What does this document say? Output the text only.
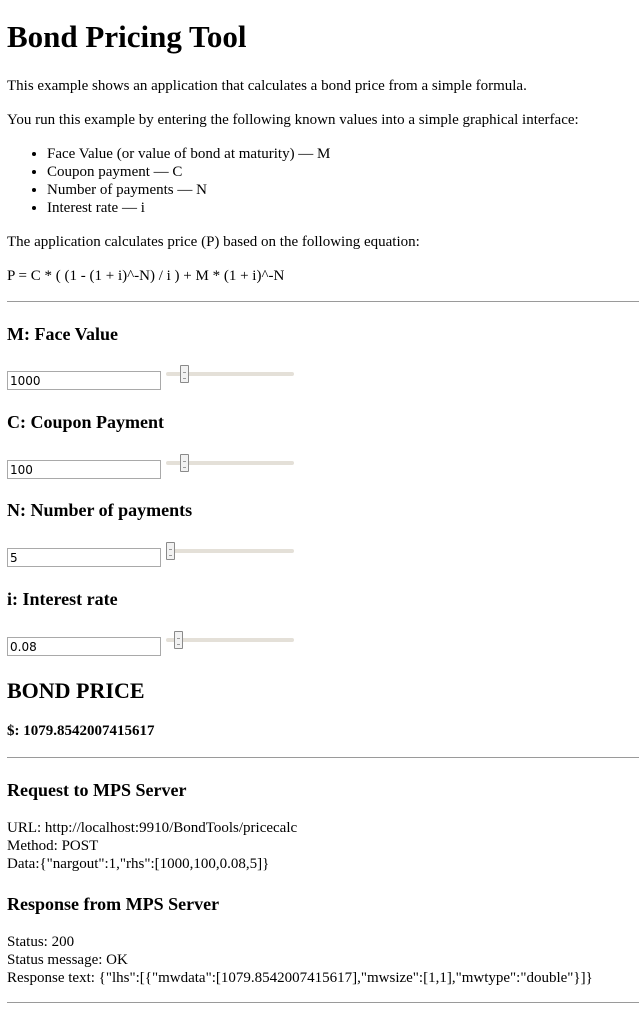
Bond Pricing Tool

This example shows an application that calculates a bond price from a simple formula.

You run this example by entering the following known values into a simple graphical interface:

• Face Value (or value of bond at maturity) — M
• Coupon payment — C
• Number of payments — N
• Interest rate — i

The application calculates price (P) based on the following equation:

P = C * ( (1 - (1 + i)^-N) / i ) + M * (1 + i)^-N

M: Face Value
1000
C: Coupon Payment
100
N: Number of payments
5
i: Interest rate
0.08
BOND PRICE
$: 1079.8542007415617
Request to MPS Server
URL: http://localhost:9910/BondTools/pricecalc
Method: POST
Data:{"nargout":1,"rhs":[1000,100,0.08,5]}
Response from MPS Server
Status: 200
Status message: OK
Response text: {"lhs":[{"mwdata":[1079.8542007415617],"mwsize":[1,1],"mwtype":"double"}]}
